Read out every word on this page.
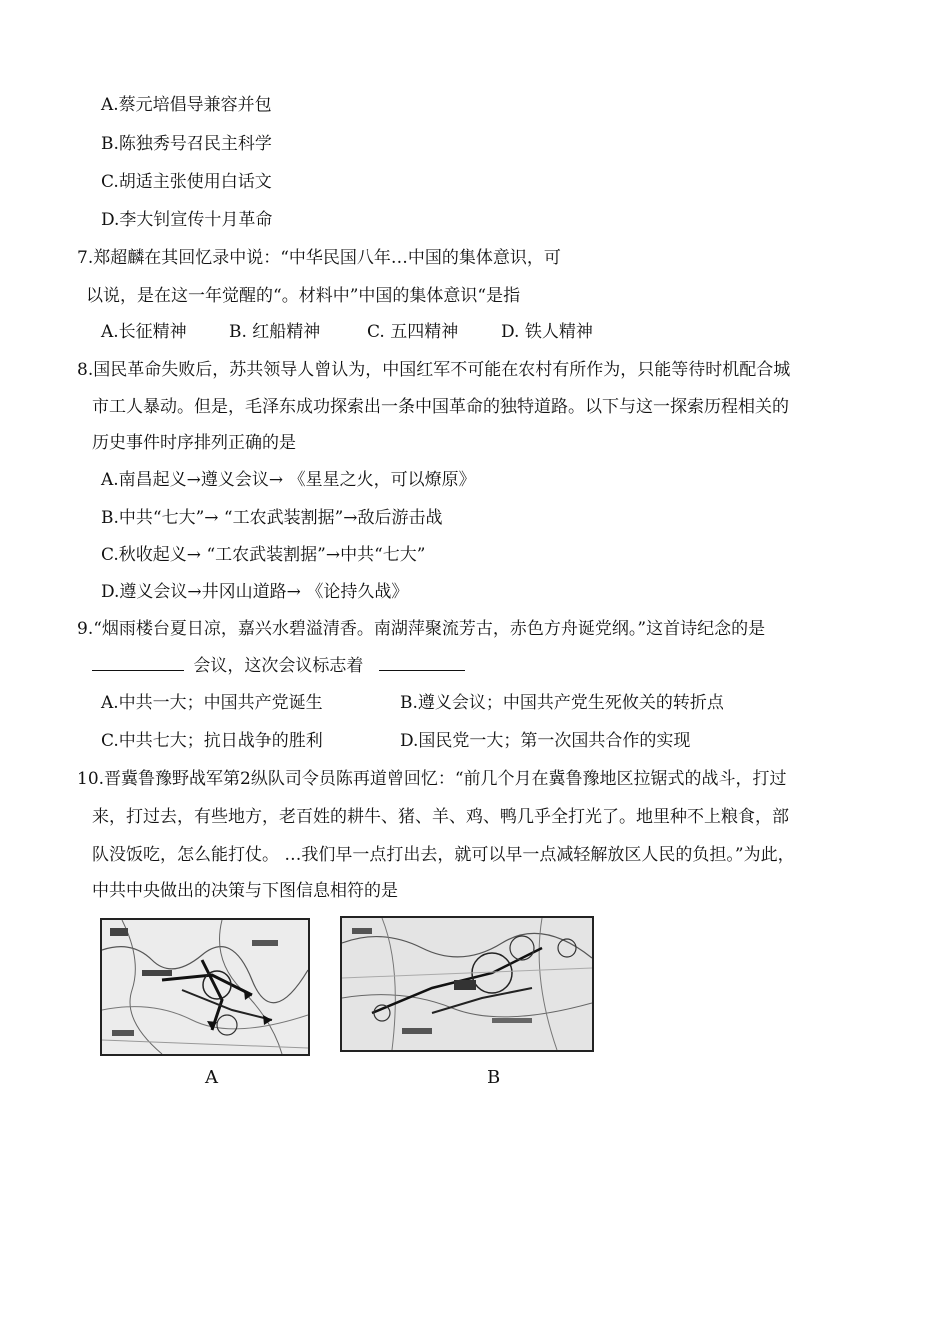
A.蔡元培倡导兼容并包
B.陈独秀号召民主科学
C.胡适主张使用白话文
D.李大钊宣传十月革命
7.郑超麟在其回忆录中说：“中华民国八年…中国的集体意识，可
以说，是在这一年觉醒的“。材料中”中国的集体意识“是指
A.长征精神 B. 红船精神	C. 五四精神	D. 铁人精神
8.国民革命失败后，苏共领导人曾认为，中国红军不可能在农村有所作为，只能等待时机配合城
市工人暴动。但是，毛泽东成功探索出一条中国革命的独特道路。以下与这一探索历程相关的
历史事件时序排列正确的是
A.南昌起义→遵义会议→ 《星星之火，可以燎原》
B.中共“七大”→ “工农武装割据”→敌后游击战
C.秋收起义→ “工农武装割据”→中共“七大”
D.遵义会议→井冈山道路→ 《论持久战》
9.“烟雨楼台夏日凉，嘉兴水碧溢清香。南湖萍聚流芳古，赤色方舟诞党纲。”这首诗纪念的是
会议，这次会议标志着
A.中共一大；中国共产党诞生	B.遵义会议；中国共产党生死攸关的转折点
C.中共七大；抗日战争的胜利	D.国民党一大；第一次国共合作的实现
10.晋冀鲁豫野战军第2纵队司令员陈再道曾回忆：“前几个月在冀鲁豫地区拉锯式的战斗，打过
来，打过去，有些地方，老百姓的耕牛、猪、羊、鸡、鸭几乎全打光了。地里种不上粮食，部
队没饭吃，怎么能打仗。 …我们早一点打出去，就可以早一点减轻解放区人民的负担。”为此，
中共中央做出的决策与下图信息相符的是
A	B
